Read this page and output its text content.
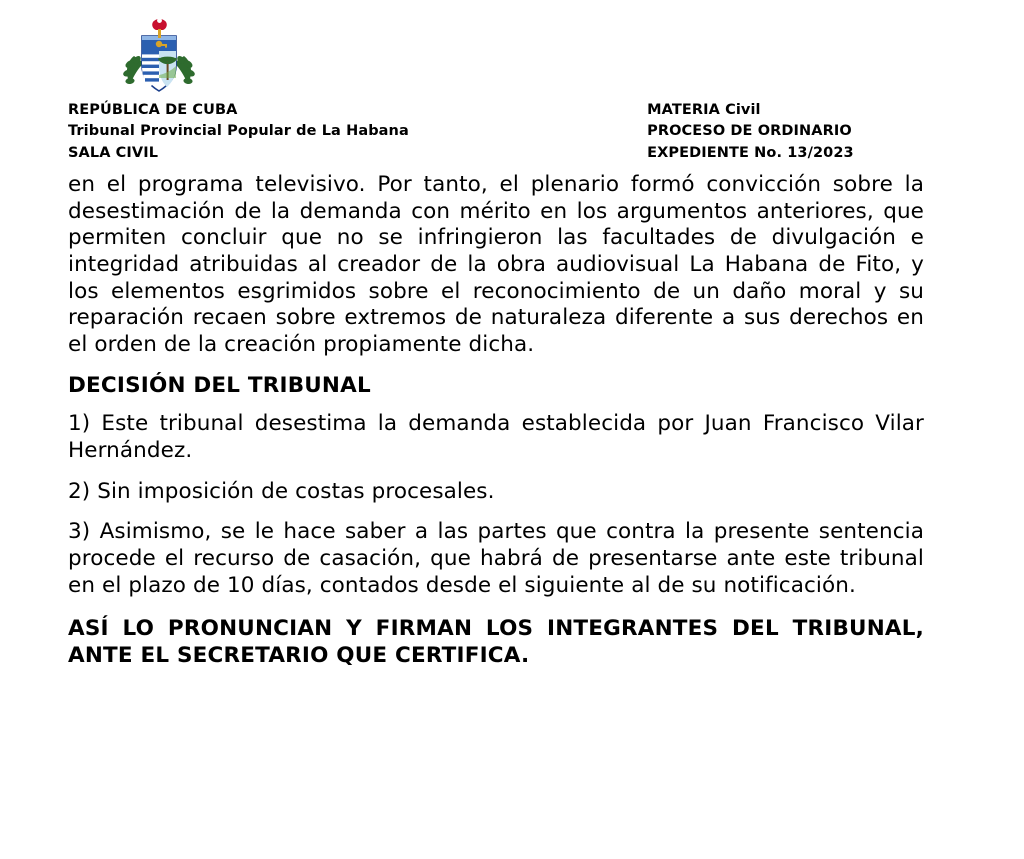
REPÚBLICA DE CUBA
Tribunal Provincial Popular de La Habana
SALA CIVIL
MATERIA Civil
PROCESO DE ORDINARIO
EXPEDIENTE No. 13/2023

en el programa televisivo. Por tanto, el plenario formó convicción sobre la desestimación de la demanda con mérito en los argumentos anteriores, que permiten concluir que no se infringieron las facultades de divulgación e integridad atribuidas al creador de la obra audiovisual La Habana de Fito, y los elementos esgrimidos sobre el reconocimiento de un daño moral y su reparación recaen sobre extremos de naturaleza diferente a sus derechos en el orden de la creación propiamente dicha.

DECISIÓN DEL TRIBUNAL

1) Este tribunal desestima la demanda establecida por Juan Francisco Vilar Hernández.

2) Sin imposición de costas procesales.

3) Asimismo, se le hace saber a las partes que contra la presente sentencia procede el recurso de casación, que habrá de presentarse ante este tribunal en el plazo de 10 días, contados desde el siguiente al de su notificación.

ASÍ LO PRONUNCIAN Y FIRMAN LOS INTEGRANTES DEL TRIBUNAL, ANTE EL SECRETARIO QUE CERTIFICA.
